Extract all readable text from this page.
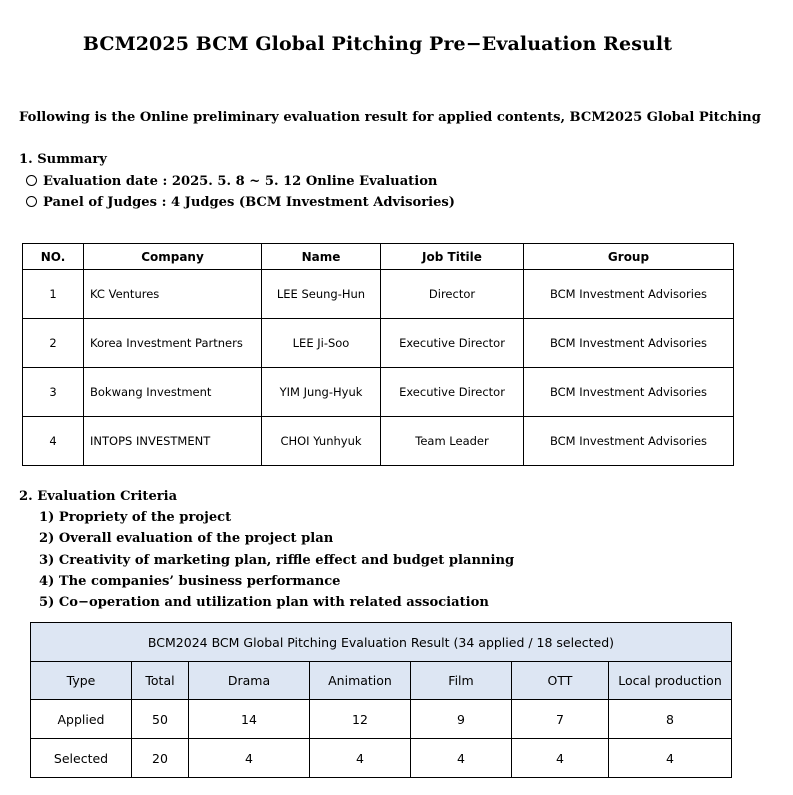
BCM2025 BCM Global Pitching Pre−Evaluation Result
Following is the Online preliminary evaluation result for applied contents, BCM2025 Global Pitching
1. Summary
Evaluation date : 2025. 5. 8 ~ 5. 12 Online Evaluation
Panel of Judges : 4 Judges (BCM Investment Advisories)
NO.	Company	Name	Job Titile	Group
1	KC Ventures	LEE Seung-Hun	Director	BCM Investment Advisories
2	Korea Investment Partners	LEE Ji-Soo	Executive Director	BCM Investment Advisories
3	Bokwang Investment	YIM Jung-Hyuk	Executive Director	BCM Investment Advisories
4	INTOPS INVESTMENT	CHOI Yunhyuk	Team Leader	BCM Investment Advisories
2. Evaluation Criteria
1) Propriety of the project
2) Overall evaluation of the project plan
3) Creativity of marketing plan, riffle effect and budget planning
4) The companies’ business performance
5) Co−operation and utilization plan with related association
BCM2024 BCM Global Pitching Evaluation Result (34 applied / 18 selected)						
Type	Total	Drama	Animation	Film	OTT	Local production
Applied	50	14	12	9	7	8
Selected	20	4	4	4	4	4
